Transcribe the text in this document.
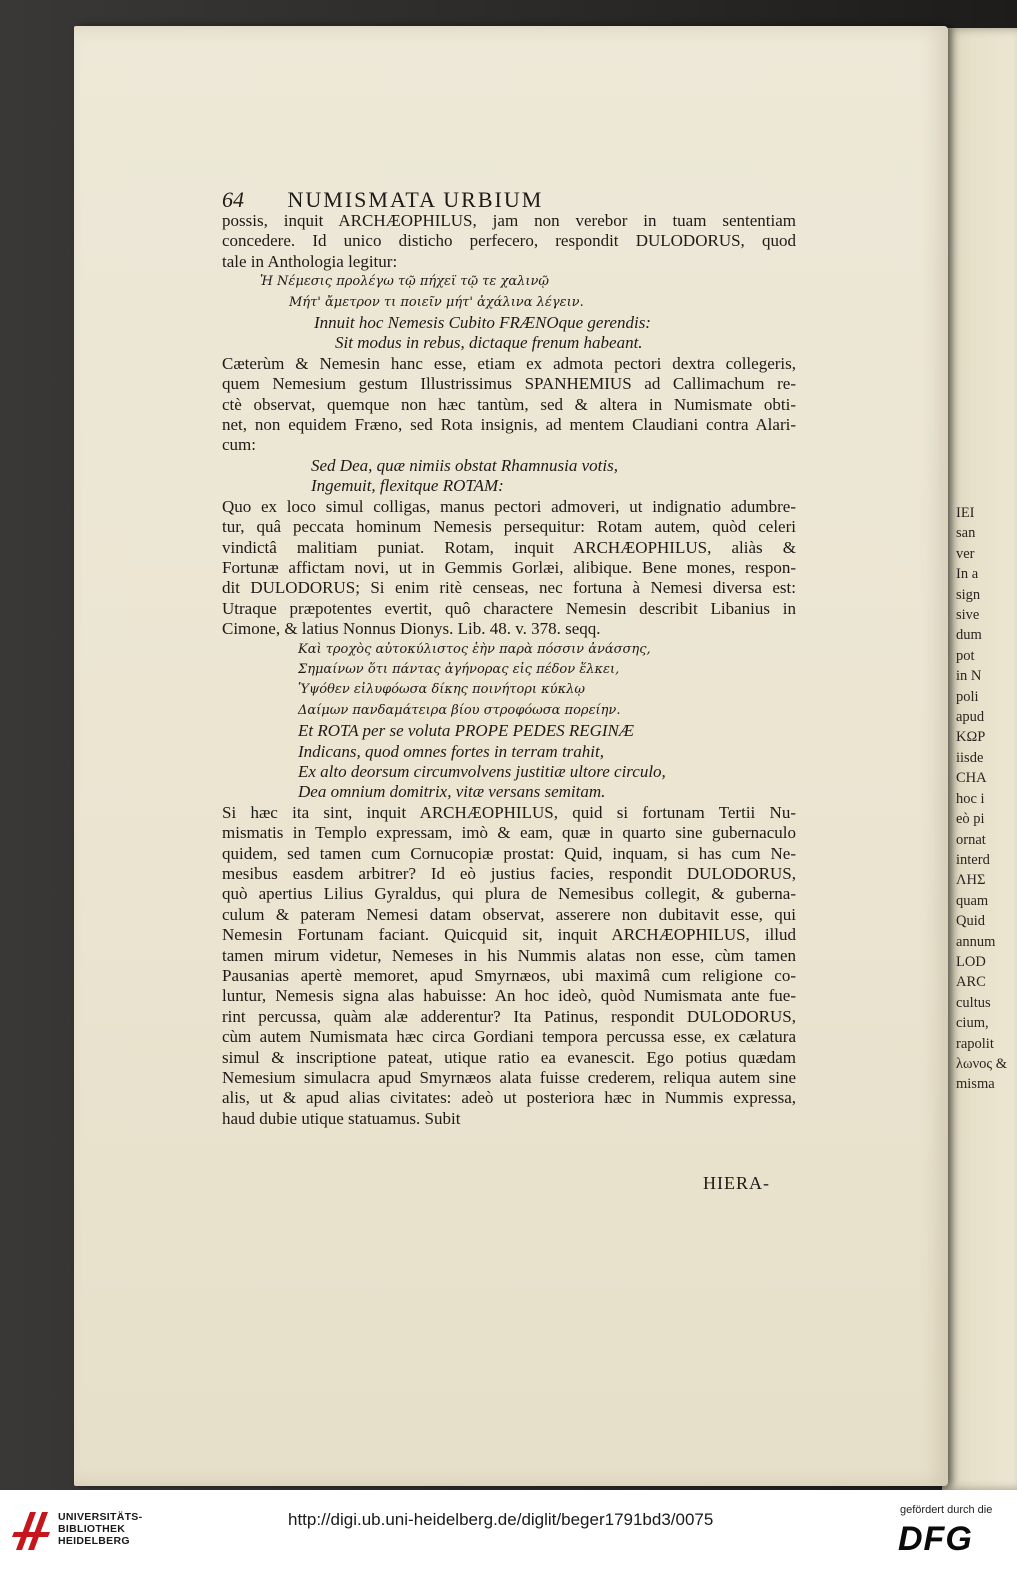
IEI
san
ver
In a
sign
sive
dum
pot
in N
poli
apud
ΚΩΡ
iisde
CHA
hoc i
eò pi
ornat
interd
ΛΗΣ
quam
Quid
annum
LOD
ARC
cultus
cium,
rapolit
λωνος &
misma
64 NUMISMATA URBIUM
possis, inquit ARCHÆOPHILUS, jam non verebor in tuam sententiam
concedere. Id unico disticho perfecero, respondit DULODORUS, quod
tale in Anthologia legitur:
Ἡ Νέμεσις προλέγω τῷ πήχεϊ τῷ τε χαλινῷ
Μήτ' ἄμετρον τι ποιεῖν μήτ' ἀχάλινα λέγειν.
Innuit hoc Nemesis Cubito FRÆNOque gerendis:
Sit modus in rebus, dictaque frenum habeant.
Cæterùm & Nemesin hanc esse, etiam ex admota pectori dextra collegeris,
quem Nemesium gestum Illustrissimus SPANHEMIUS ad Callimachum re-
ctè observat, quemque non hæc tantùm, sed & altera in Numismate obti-
net, non equidem Fræno, sed Rota insignis, ad mentem Claudiani contra Alari-
cum:
Sed Dea, quæ nimiis obstat Rhamnusia votis,
Ingemuit, flexitque ROTAM:
Quo ex loco simul colligas, manus pectori admoveri, ut indignatio adumbre-
tur, quâ peccata hominum Nemesis persequitur: Rotam autem, quòd celeri
vindictâ malitiam puniat. Rotam, inquit ARCHÆOPHILUS, aliàs &
Fortunæ affictam novi, ut in Gemmis Gorlæi, alibique. Bene mones, respon-
dit DULODORUS; Si enim ritè censeas, nec fortuna à Nemesi diversa est:
Utraque præpotentes evertit, quô charactere Nemesin describit Libanius in
Cimone, & latius Nonnus Dionys. Lib. 48. v. 378. seqq.
Καὶ τροχὸς αὐτοκύλιστος ἑὴν παρὰ πόσσιν ἀνάσσης,
Σημαίνων ὅτι πάντας ἀγήνορας εἰς πέδον ἕλκει,
Ὑψόθεν εἰλυφόωσα δίκης ποινήτορι κύκλῳ
Δαίμων πανδαμάτειρα βίου στροφόωσα πορείην.
Et ROTA per se voluta PROPE PEDES REGINÆ
Indicans, quod omnes fortes in terram trahit,
Ex alto deorsum circumvolvens justitiæ ultore circulo,
Dea omnium domitrix, vitæ versans semitam.
Si hæc ita sint, inquit ARCHÆOPHILUS, quid si fortunam Tertii Nu-
mismatis in Templo expressam, imò & eam, quæ in quarto sine gubernaculo
quidem, sed tamen cum Cornucopiæ prostat: Quid, inquam, si has cum Ne-
mesibus easdem arbitrer? Id eò justius facies, respondit DULODORUS,
quò apertius Lilius Gyraldus, qui plura de Nemesibus collegit, & guberna-
culum & pateram Nemesi datam observat, asserere non dubitavit esse, qui
Nemesin Fortunam faciant. Quicquid sit, inquit ARCHÆOPHILUS, illud
tamen mirum videtur, Nemeses in his Nummis alatas non esse, cùm tamen
Pausanias apertè memoret, apud Smyrnæos, ubi maximâ cum religione co-
luntur, Nemesis signa alas habuisse: An hoc ideò, quòd Numismata ante fue-
rint percussa, quàm alæ adderentur? Ita Patinus, respondit DULODORUS,
cùm autem Numismata hæc circa Gordiani tempora percussa esse, ex cælatura
simul & inscriptione pateat, utique ratio ea evanescit. Ego potius quædam
Nemesium simulacra apud Smyrnæos alata fuisse crederem, reliqua autem sine
alis, ut & apud alias civitates: adeò ut posteriora hæc in Nummis expressa,
haud dubie utique statuamus. Subit
HIERA-
UNIVERSITÄTS-
BIBLIOTHEK
HEIDELBERG
http://digi.ub.uni-heidelberg.de/diglit/beger1791bd3/0075	gefördert durch die
DFG
